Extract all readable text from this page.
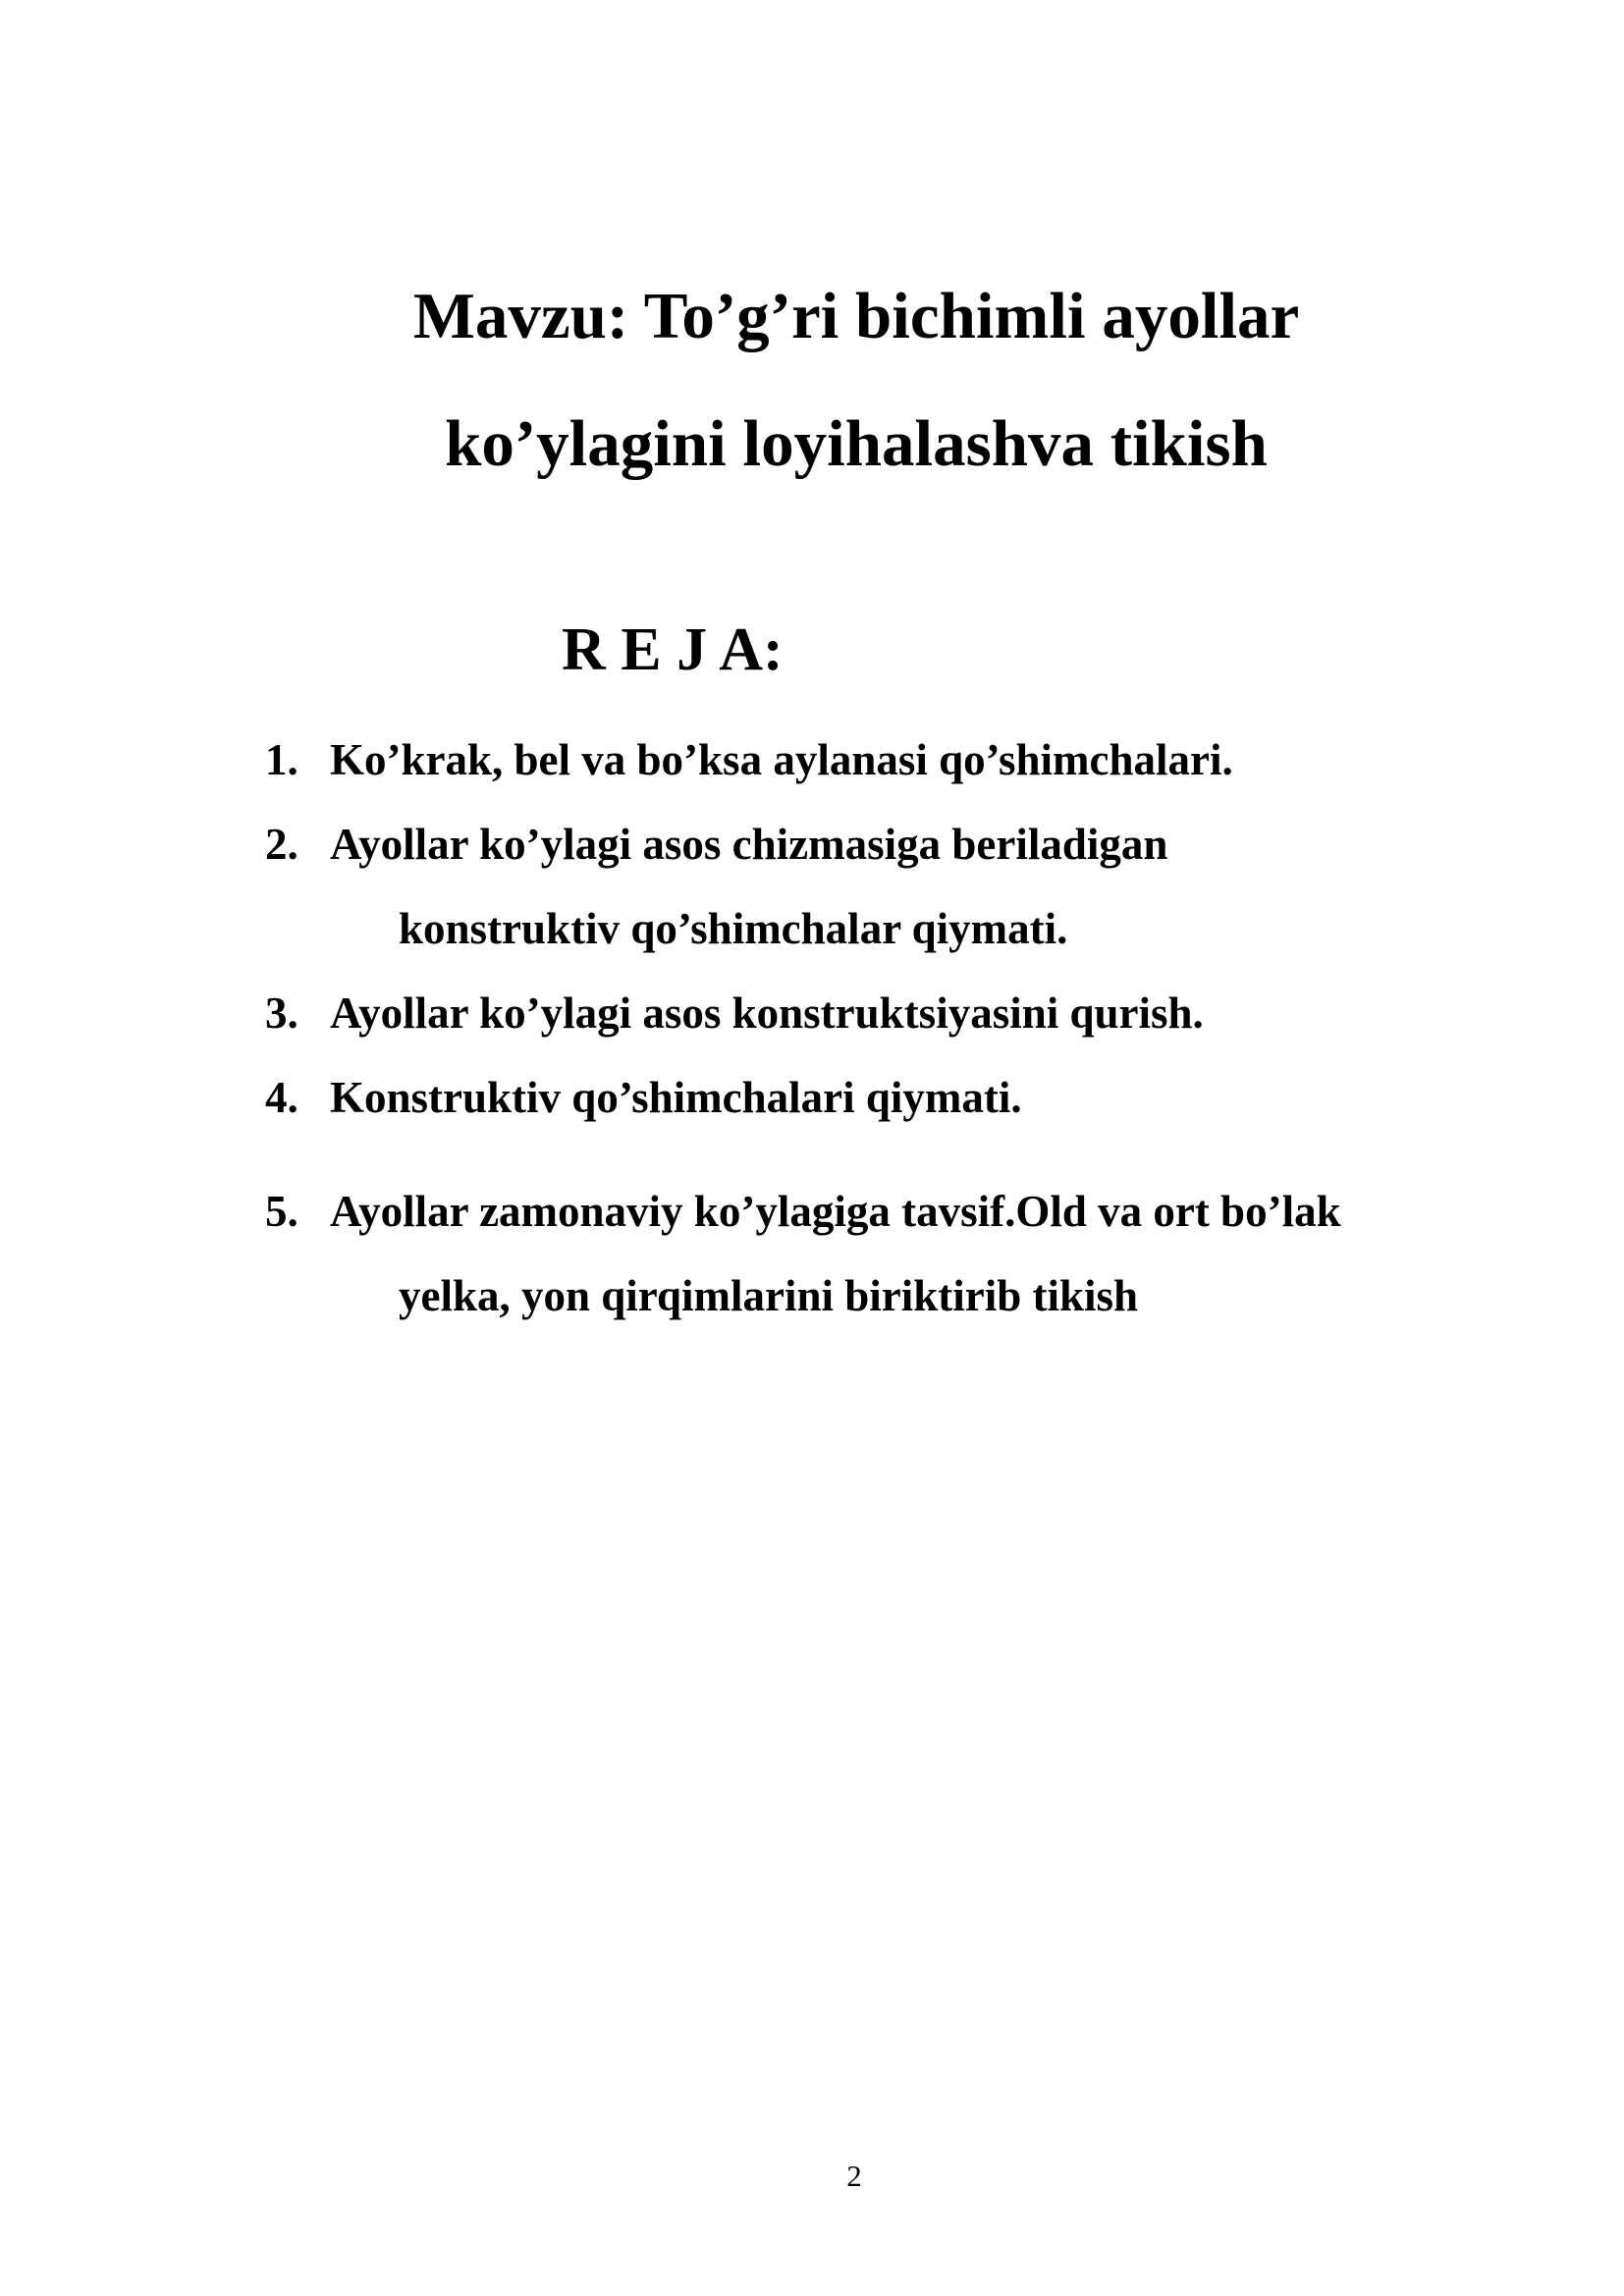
Mavzu: To’g’ri bichimli ayollar
ko’ylagini loyihalashva tikish
R E J A:
1. Ko’krak, bel va bo’ksa aylanasi qo’shimchalari.
2. Ayollar ko’ylagi asos chizmasiga beriladigan
konstruktiv qo’shimchalar qiymati.
3. Ayollar ko’ylagi asos konstruktsiyasini qurish.
4. Konstruktiv qo’shimchalari qiymati.
5. Ayollar zamonaviy ko’ylagiga tavsif.Old va ort bo’lak
yelka, yon qirqimlarini biriktirib tikish
2
